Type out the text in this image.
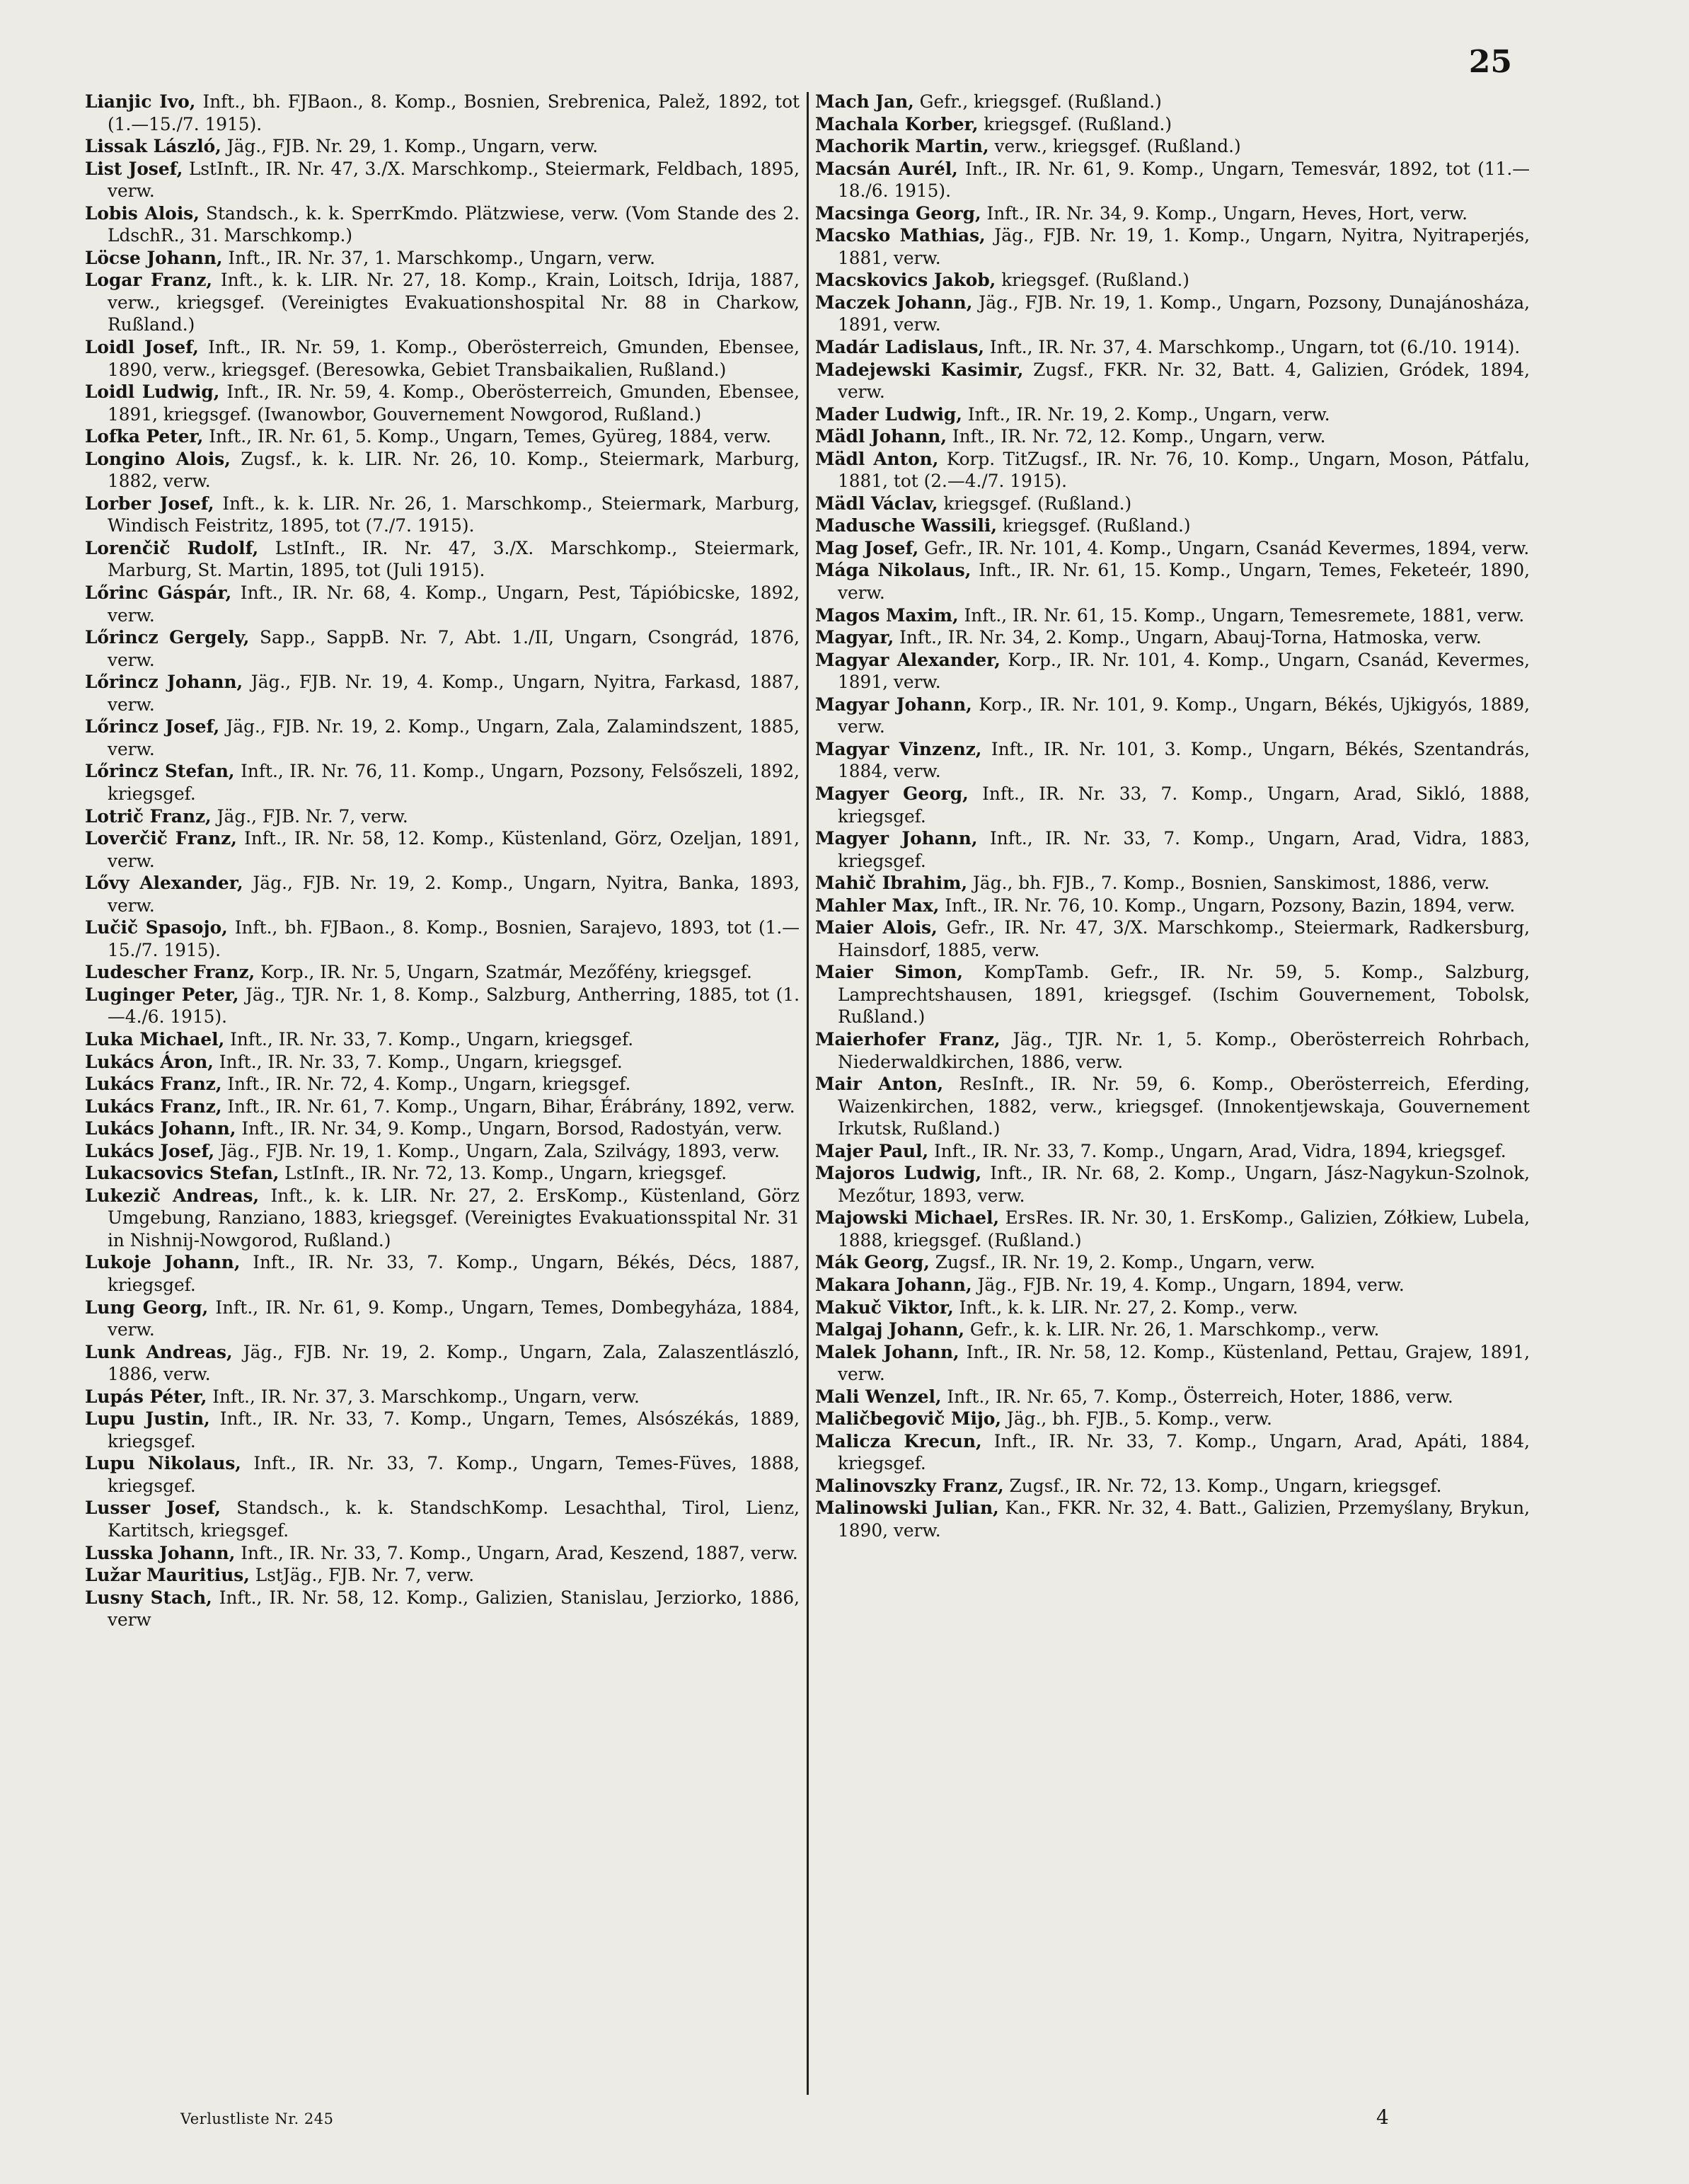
25

Lianjic Ivo, Inft., bh. FJBaon., 8. Komp., Bosnien, Srebrenica, Palež, 1892, tot (1.—15./7. 1915).

Lissak László, Jäg., FJB. Nr. 29, 1. Komp., Ungarn, verw.

List Josef, LstInft., IR. Nr. 47, 3./X. Marschkomp., Steiermark, Feldbach, 1895, verw.

Lobis Alois, Standsch., k. k. SperrKmdo. Plätzwiese, verw. (Vom Stande des 2. LdschR., 31. Marschkomp.)

Löcse Johann, Inft., IR. Nr. 37, 1. Marschkomp., Ungarn, verw.

Logar Franz, Inft., k. k. LIR. Nr. 27, 18. Komp., Krain, Loitsch, Idrija, 1887, verw., kriegsgef. (Vereinigtes Evakuationshospital Nr. 88 in Charkow, Rußland.)

Loidl Josef, Inft., IR. Nr. 59, 1. Komp., Oberösterreich, Gmunden, Ebensee, 1890, verw., kriegsgef. (Beresowka, Gebiet Transbaikalien, Rußland.)

Loidl Ludwig, Inft., IR. Nr. 59, 4. Komp., Oberösterreich, Gmunden, Ebensee, 1891, kriegsgef. (Iwanowbor, Gouvernement Nowgorod, Rußland.)

Lofka Peter, Inft., IR. Nr. 61, 5. Komp., Ungarn, Temes, Gyüreg, 1884, verw.

Longino Alois, Zugsf., k. k. LIR. Nr. 26, 10. Komp., Steiermark, Marburg, 1882, verw.

Lorber Josef, Inft., k. k. LIR. Nr. 26, 1. Marschkomp., Steiermark, Marburg, Windisch Feistritz, 1895, tot (7./7. 1915).

Lorenčič Rudolf, LstInft., IR. Nr. 47, 3./X. Marschkomp., Steiermark, Marburg, St. Martin, 1895, tot (Juli 1915).

Lőrinc Gáspár, Inft., IR. Nr. 68, 4. Komp., Ungarn, Pest, Tápióbicske, 1892, verw.

Lőrincz Gergely, Sapp., SappB. Nr. 7, Abt. 1./II, Ungarn, Csongrád, 1876, verw.

Lőrincz Johann, Jäg., FJB. Nr. 19, 4. Komp., Ungarn, Nyitra, Farkasd, 1887, verw.

Lőrincz Josef, Jäg., FJB. Nr. 19, 2. Komp., Ungarn, Zala, Zalamindszent, 1885, verw.

Lőrincz Stefan, Inft., IR. Nr. 76, 11. Komp., Ungarn, Pozsony, Felsőszeli, 1892, kriegsgef.

Lotrič Franz, Jäg., FJB. Nr. 7, verw.

Loverčič Franz, Inft., IR. Nr. 58, 12. Komp., Küstenland, Görz, Ozeljan, 1891, verw.

Lővy Alexander, Jäg., FJB. Nr. 19, 2. Komp., Ungarn, Nyitra, Banka, 1893, verw.

Lučič Spasojo, Inft., bh. FJBaon., 8. Komp., Bosnien, Sarajevo, 1893, tot (1.—15./7. 1915).

Ludescher Franz, Korp., IR. Nr. 5, Ungarn, Szatmár, Mezőfény, kriegsgef.

Luginger Peter, Jäg., TJR. Nr. 1, 8. Komp., Salzburg, Antherring, 1885, tot (1.—4./6. 1915).

Luka Michael, Inft., IR. Nr. 33, 7. Komp., Ungarn, kriegsgef.

Lukács Áron, Inft., IR. Nr. 33, 7. Komp., Ungarn, kriegsgef.

Lukács Franz, Inft., IR. Nr. 72, 4. Komp., Ungarn, kriegsgef.

Lukács Franz, Inft., IR. Nr. 61, 7. Komp., Ungarn, Bihar, Érábrány, 1892, verw.

Lukács Johann, Inft., IR. Nr. 34, 9. Komp., Ungarn, Borsod, Radostyán, verw.

Lukács Josef, Jäg., FJB. Nr. 19, 1. Komp., Ungarn, Zala, Szilvágy, 1893, verw.

Lukacsovics Stefan, LstInft., IR. Nr. 72, 13. Komp., Ungarn, kriegsgef.

Lukezič Andreas, Inft., k. k. LIR. Nr. 27, 2. ErsKomp., Küstenland, Görz Umgebung, Ranziano, 1883, kriegsgef. (Vereinigtes Evakuationsspital Nr. 31 in Nishnij-Nowgorod, Rußland.)

Lukoje Johann, Inft., IR. Nr. 33, 7. Komp., Ungarn, Békés, Décs, 1887, kriegsgef.

Lung Georg, Inft., IR. Nr. 61, 9. Komp., Ungarn, Temes, Dombegyháza, 1884, verw.

Lunk Andreas, Jäg., FJB. Nr. 19, 2. Komp., Ungarn, Zala, Zalaszentlászló, 1886, verw.

Lupás Péter, Inft., IR. Nr. 37, 3. Marschkomp., Ungarn, verw.

Lupu Justin, Inft., IR. Nr. 33, 7. Komp., Ungarn, Temes, Alsószékás, 1889, kriegsgef.

Lupu Nikolaus, Inft., IR. Nr. 33, 7. Komp., Ungarn, Temes-Füves, 1888, kriegsgef.

Lusser Josef, Standsch., k. k. StandschKomp. Lesachthal, Tirol, Lienz, Kartitsch, kriegsgef.

Lusska Johann, Inft., IR. Nr. 33, 7. Komp., Ungarn, Arad, Keszend, 1887, verw.

Lužar Mauritius, LstJäg., FJB. Nr. 7, verw.

Lusny Stach, Inft., IR. Nr. 58, 12. Komp., Galizien, Stanislau, Jerziorko, 1886, verw

Mach Jan, Gefr., kriegsgef. (Rußland.)

Machala Korber, kriegsgef. (Rußland.)

Machorik Martin, verw., kriegsgef. (Rußland.)

Macsán Aurél, Inft., IR. Nr. 61, 9. Komp., Ungarn, Temesvár, 1892, tot (11.—18./6. 1915).

Macsinga Georg, Inft., IR. Nr. 34, 9. Komp., Ungarn, Heves, Hort, verw.

Macsko Mathias, Jäg., FJB. Nr. 19, 1. Komp., Ungarn, Nyitra, Nyitraperjés, 1881, verw.

Macskovics Jakob, kriegsgef. (Rußland.)

Maczek Johann, Jäg., FJB. Nr. 19, 1. Komp., Ungarn, Pozsony, Dunajánosháza, 1891, verw.

Madár Ladislaus, Inft., IR. Nr. 37, 4. Marschkomp., Ungarn, tot (6./10. 1914).

Madejewski Kasimir, Zugsf., FKR. Nr. 32, Batt. 4, Galizien, Gródek, 1894, verw.

Mader Ludwig, Inft., IR. Nr. 19, 2. Komp., Ungarn, verw.

Mädl Johann, Inft., IR. Nr. 72, 12. Komp., Ungarn, verw.

Mädl Anton, Korp. TitZugsf., IR. Nr. 76, 10. Komp., Ungarn, Moson, Pátfalu, 1881, tot (2.—4./7. 1915).

Mädl Václav, kriegsgef. (Rußland.)

Madusche Wassili, kriegsgef. (Rußland.)

Mag Josef, Gefr., IR. Nr. 101, 4. Komp., Ungarn, Csanád Kevermes, 1894, verw.

Mága Nikolaus, Inft., IR. Nr. 61, 15. Komp., Ungarn, Temes, Feketeér, 1890, verw.

Magos Maxim, Inft., IR. Nr. 61, 15. Komp., Ungarn, Temesremete, 1881, verw.

Magyar, Inft., IR. Nr. 34, 2. Komp., Ungarn, Abauj-Torna, Hatmoska, verw.

Magyar Alexander, Korp., IR. Nr. 101, 4. Komp., Ungarn, Csanád, Kevermes, 1891, verw.

Magyar Johann, Korp., IR. Nr. 101, 9. Komp., Ungarn, Békés, Ujkigyós, 1889, verw.

Magyar Vinzenz, Inft., IR. Nr. 101, 3. Komp., Ungarn, Békés, Szentandrás, 1884, verw.

Magyer Georg, Inft., IR. Nr. 33, 7. Komp., Ungarn, Arad, Sikló, 1888, kriegsgef.

Magyer Johann, Inft., IR. Nr. 33, 7. Komp., Ungarn, Arad, Vidra, 1883, kriegsgef.

Mahič Ibrahim, Jäg., bh. FJB., 7. Komp., Bosnien, Sanskimost, 1886, verw.

Mahler Max, Inft., IR. Nr. 76, 10. Komp., Ungarn, Pozsony, Bazin, 1894, verw.

Maier Alois, Gefr., IR. Nr. 47, 3/X. Marschkomp., Steiermark, Radkersburg, Hainsdorf, 1885, verw.

Maier Simon, KompTamb. Gefr., IR. Nr. 59, 5. Komp., Salzburg, Lamprechtshausen, 1891, kriegsgef. (Ischim Gouvernement, Tobolsk, Rußland.)

Maierhofer Franz, Jäg., TJR. Nr. 1, 5. Komp., Oberösterreich Rohrbach, Niederwaldkirchen, 1886, verw.

Mair Anton, ResInft., IR. Nr. 59, 6. Komp., Oberösterreich, Eferding, Waizenkirchen, 1882, verw., kriegsgef. (Innokentjewskaja, Gouvernement Irkutsk, Rußland.)

Majer Paul, Inft., IR. Nr. 33, 7. Komp., Ungarn, Arad, Vidra, 1894, kriegsgef.

Majoros Ludwig, Inft., IR. Nr. 68, 2. Komp., Ungarn, Jász-Nagykun-Szolnok, Mezőtur, 1893, verw.

Majowski Michael, ErsRes. IR. Nr. 30, 1. ErsKomp., Galizien, Zółkiew, Lubela, 1888, kriegsgef. (Rußland.)

Mák Georg, Zugsf., IR. Nr. 19, 2. Komp., Ungarn, verw.

Makara Johann, Jäg., FJB. Nr. 19, 4. Komp., Ungarn, 1894, verw.

Makuč Viktor, Inft., k. k. LIR. Nr. 27, 2. Komp., verw.

Malgaj Johann, Gefr., k. k. LIR. Nr. 26, 1. Marschkomp., verw.

Malek Johann, Inft., IR. Nr. 58, 12. Komp., Küstenland, Pettau, Grajew, 1891, verw.

Mali Wenzel, Inft., IR. Nr. 65, 7. Komp., Österreich, Hoter, 1886, verw.

Maličbegovič Mijo, Jäg., bh. FJB., 5. Komp., verw.

Malicza Krecun, Inft., IR. Nr. 33, 7. Komp., Ungarn, Arad, Apáti, 1884, kriegsgef.

Malinovszky Franz, Zugsf., IR. Nr. 72, 13. Komp., Ungarn, kriegsgef.

Malinowski Julian, Kan., FKR. Nr. 32, 4. Batt., Galizien, Przemyślany, Brykun, 1890, verw.

Verlustliste Nr. 245	4
